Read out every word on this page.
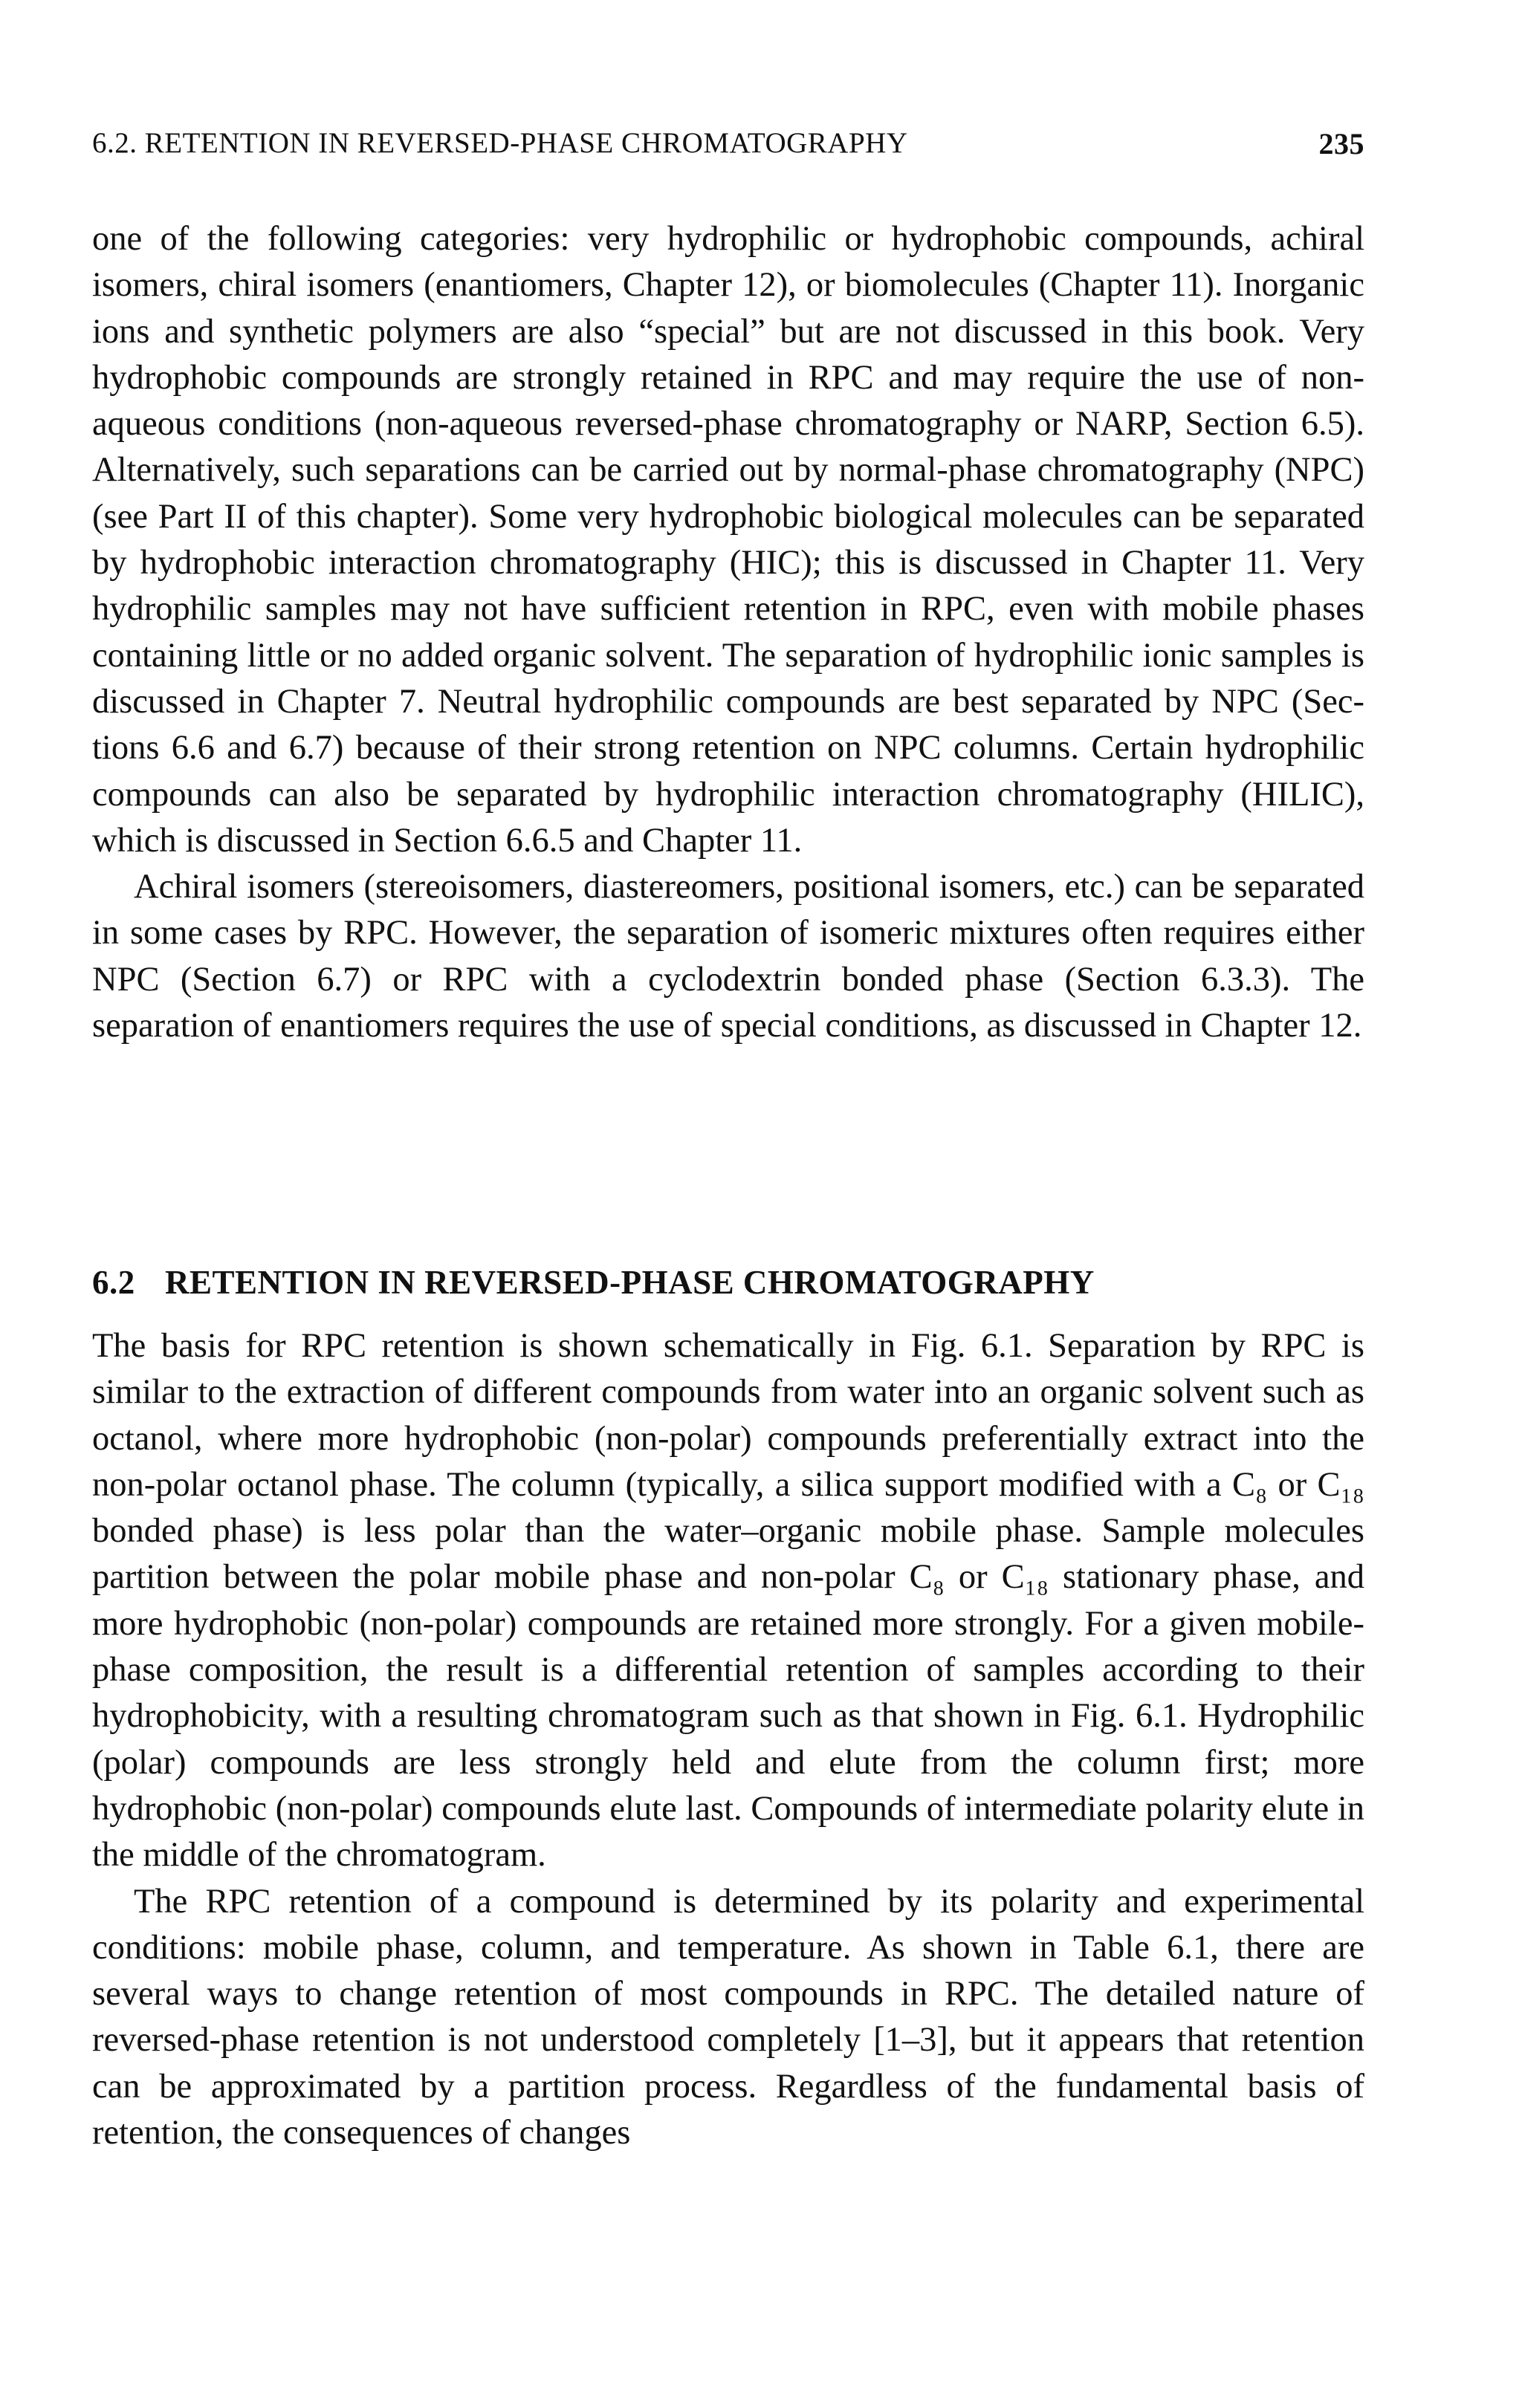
6.2. RETENTION IN REVERSED-PHASE CHROMATOGRAPHY	235

one of the following categories: very hydrophilic or hydrophobic compounds, achiral isomers, chiral isomers (enantiomers, Chapter 12), or biomolecules (Chapter 11). Inorganic ions and synthetic polymers are also “special” but are not discussed in this book. Very hydrophobic compounds are strongly retained in RPC and may require the use of non-aqueous conditions (non-aqueous reversed-phase chromatography or NARP, Section 6.5). Alternatively, such separations can be carried out by normal-phase chromatography (NPC) (see Part II of this chapter). Some very hydrophobic biological molecules can be separated by hydrophobic interaction chromatography (HIC); this is discussed in Chapter 11. Very hydrophilic samples may not have sufficient retention in RPC, even with mobile phases containing little or no added organic solvent. The separation of hydrophilic ionic samples is discussed in Chapter 7. Neutral hydrophilic compounds are best separated by NPC (Sections 6.6 and 6.7) because of their strong retention on NPC columns. Certain hydrophilic compounds can also be separated by hydrophilic interaction chromatography (HILIC), which is discussed in Section 6.6.5 and Chapter 11.

Achiral isomers (stereoisomers, diastereomers, positional isomers, etc.) can be separated in some cases by RPC. However, the separation of isomeric mixtures often requires either NPC (Section 6.7) or RPC with a cyclodextrin bonded phase (Section 6.3.3). The separation of enantiomers requires the use of special conditions, as discussed in Chapter 12.

6.2 RETENTION IN REVERSED-PHASE CHROMATOGRAPHY

The basis for RPC retention is shown schematically in Fig. 6.1. Separation by RPC is similar to the extraction of different compounds from water into an organic solvent such as octanol, where more hydrophobic (non-polar) compounds preferentially extract into the non-polar octanol phase. The column (typically, a silica support modified with a C₈ or C₁₈ bonded phase) is less polar than the water–organic mobile phase. Sample molecules partition between the polar mobile phase and non-polar C₈ or C₁₈ stationary phase, and more hydrophobic (non-polar) compounds are retained more strongly. For a given mobile-phase composition, the result is a differential retention of samples according to their hydrophobicity, with a resulting chromatogram such as that shown in Fig. 6.1. Hydrophilic (polar) compounds are less strongly held and elute from the column first; more hydrophobic (non-polar) compounds elute last. Compounds of intermediate polarity elute in the middle of the chromatogram.

The RPC retention of a compound is determined by its polarity and experimental conditions: mobile phase, column, and temperature. As shown in Table 6.1, there are several ways to change retention of most compounds in RPC. The detailed nature of reversed-phase retention is not understood completely [1–3], but it appears that retention can be approximated by a partition process. Regardless of the fundamental basis of retention, the consequences of changes
